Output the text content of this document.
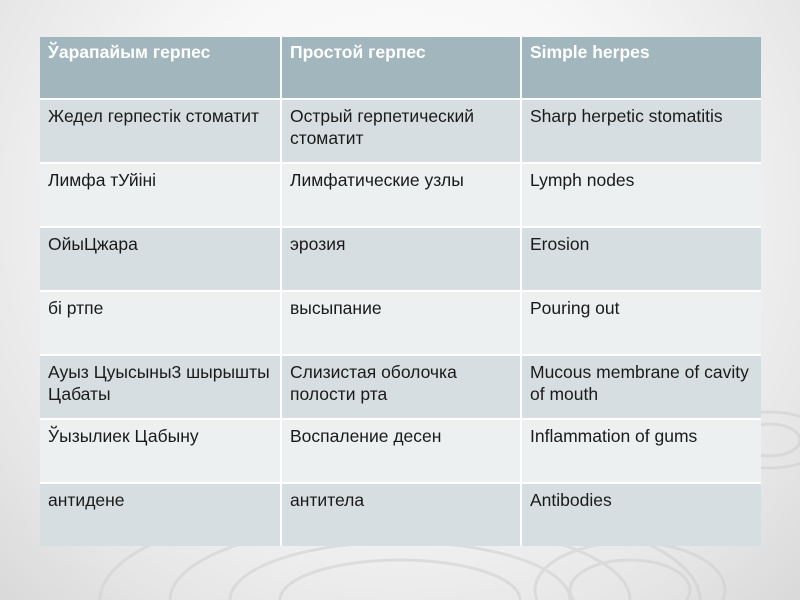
Ўарапайым герпес	Простой герпес	Simple herpes
Жедел герпестік стоматит	Острый герпетический стоматит	Sharp herpetic stomatitis
Лимфа тУйіні	Лимфатические узлы	Lymph nodes
ОйыЦжара	эрозия	Erosion
бі ртпе	высыпание	Pouring out
Ауыз Цуысыны3 шырышты Цабаты	Слизистая оболочка полости рта	Mucous membrane of cavity of mouth
Ўызылиек Цабыну	Воспаление десен	Inflammation of gums
антидене	антитела	Antibodies
